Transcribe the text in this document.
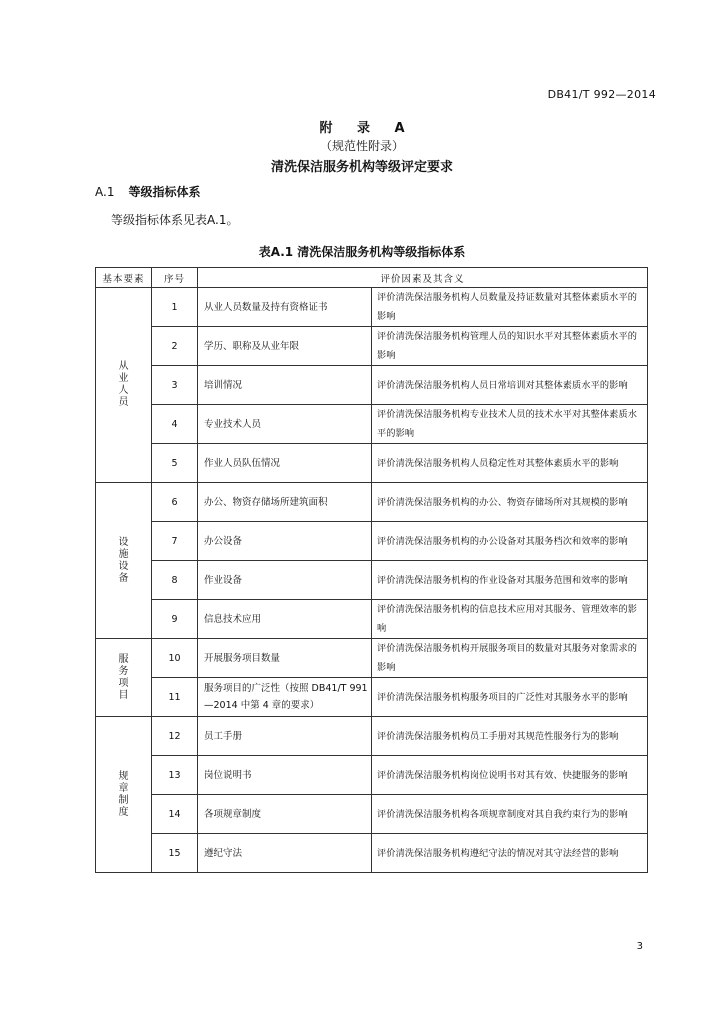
DB41/T 992—2014
附 录 A
（规范性附录）
清洗保洁服务机构等级评定要求
A.1 等级指标体系
等级指标体系见表A.1。
表A.1 清洗保洁服务机构等级指标体系
基本要素	序号	评价因素及其含义	
从业人员	1	从业人员数量及持有资格证书	评价清洗保洁服务机构人员数量及持证数量对其整体素质水平的影响
	2	学历、职称及从业年限	评价清洗保洁服务机构管理人员的知识水平对其整体素质水平的影响
	3	培训情况	评价清洗保洁服务机构人员日常培训对其整体素质水平的影响
	4	专业技术人员	评价清洗保洁服务机构专业技术人员的技术水平对其整体素质水平的影响
	5	作业人员队伍情况	评价清洗保洁服务机构人员稳定性对其整体素质水平的影响
设施设备	6	办公、物资存储场所建筑面积	评价清洗保洁服务机构的办公、物资存储场所对其规模的影响
	7	办公设备	评价清洗保洁服务机构的办公设备对其服务档次和效率的影响
	8	作业设备	评价清洗保洁服务机构的作业设备对其服务范围和效率的影响
	9	信息技术应用	评价清洗保洁服务机构的信息技术应用对其服务、管理效率的影响
服务项目	10	开展服务项目数量	评价清洗保洁服务机构开展服务项目的数量对其服务对象需求的影响
	11	服务项目的广泛性（按照 DB41/T 991—2014 中第 4 章的要求）	评价清洗保洁服务机构服务项目的广泛性对其服务水平的影响
规章制度	12	员工手册	评价清洗保洁服务机构员工手册对其规范性服务行为的影响
	13	岗位说明书	评价清洗保洁服务机构岗位说明书对其有效、快捷服务的影响
	14	各项规章制度	评价清洗保洁服务机构各项规章制度对其自我约束行为的影响
	15	遵纪守法	评价清洗保洁服务机构遵纪守法的情况对其守法经营的影响
3
